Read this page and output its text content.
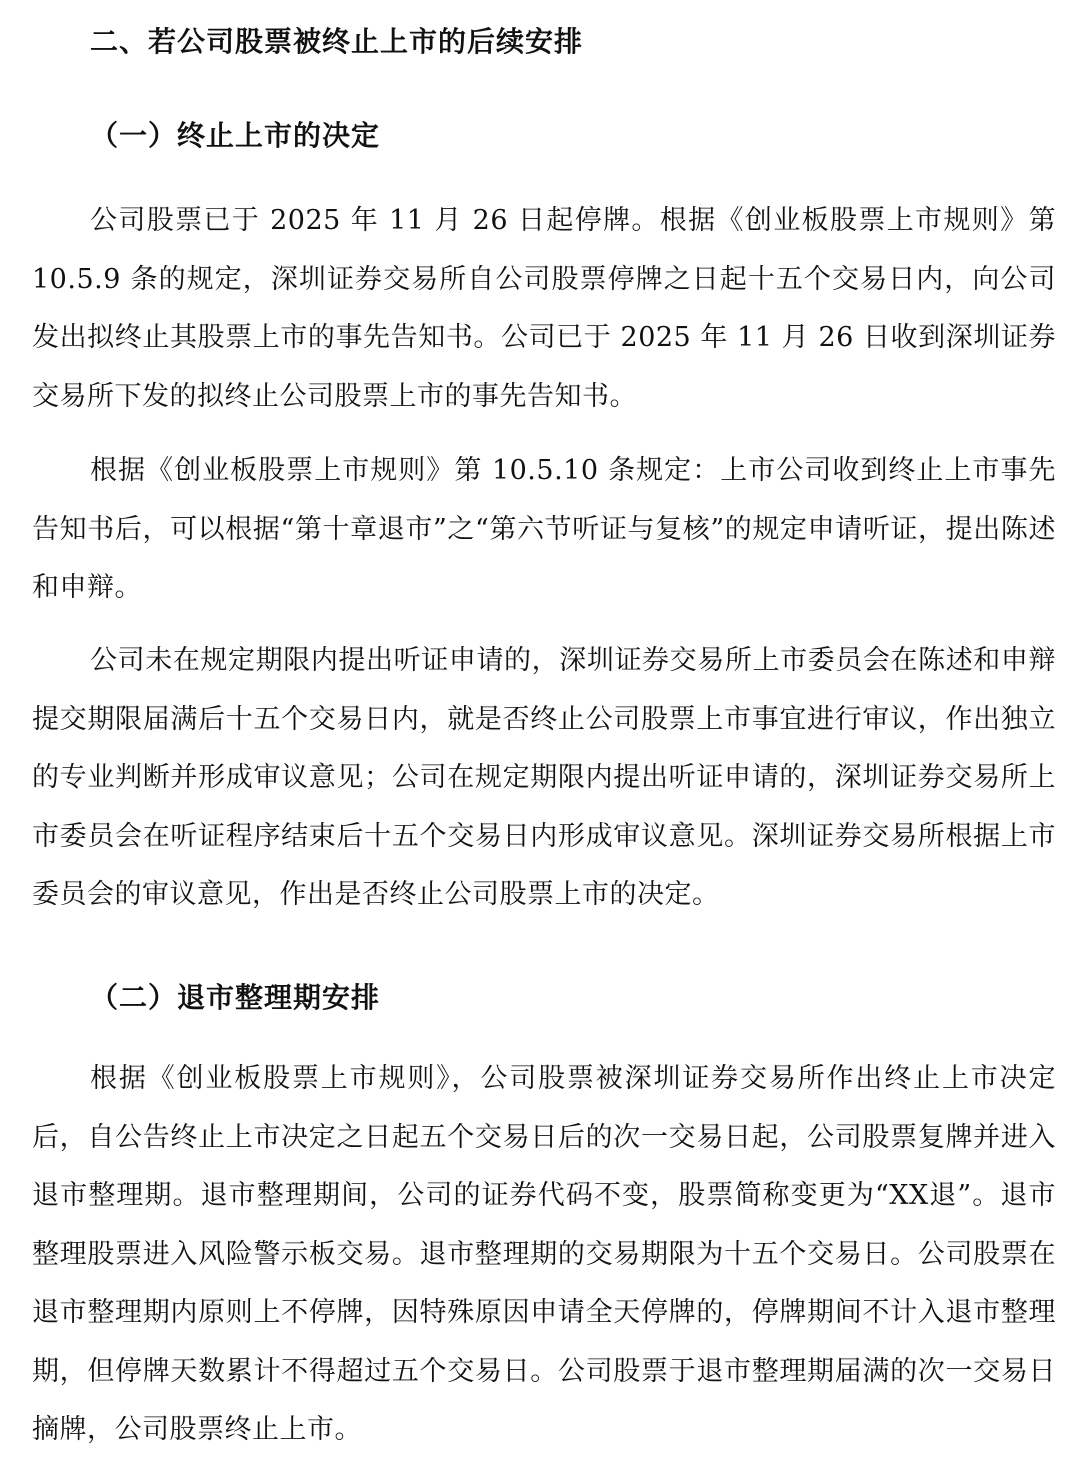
二、若公司股票被终止上市的后续安排
（一）终止上市的决定

公司股票已于 2025 年 11 月 26 日起停牌。根据《创业板股票上市规则》第 10.5.9 条的规定，深圳证券交易所自公司股票停牌之日起十五个交易日内，向公司发出拟终止其股票上市的事先告知书。公司已于 2025 年 11 月 26 日收到深圳证券交易所下发的拟终止公司股票上市的事先告知书。

根据《创业板股票上市规则》第 10.5.10 条规定：上市公司收到终止上市事先告知书后，可以根据“第十章退市”之“第六节听证与复核”的规定申请听证，提出陈述和申辩。

公司未在规定期限内提出听证申请的，深圳证券交易所上市委员会在陈述和申辩提交期限届满后十五个交易日内，就是否终止公司股票上市事宜进行审议，作出独立的专业判断并形成审议意见；公司在规定期限内提出听证申请的，深圳证券交易所上市委员会在听证程序结束后十五个交易日内形成审议意见。深圳证券交易所根据上市委员会的审议意见，作出是否终止公司股票上市的决定。

（二）退市整理期安排

根据《创业板股票上市规则》，公司股票被深圳证券交易所作出终止上市决定后，自公告终止上市决定之日起五个交易日后的次一交易日起，公司股票复牌并进入退市整理期。退市整理期间，公司的证券代码不变，股票简称变更为“XX退”。退市整理股票进入风险警示板交易。退市整理期的交易期限为十五个交易日。公司股票在退市整理期内原则上不停牌，因特殊原因申请全天停牌的，停牌期间不计入退市整理期，但停牌天数累计不得超过五个交易日。公司股票于退市整理期届满的次一交易日摘牌，公司股票终止上市。
